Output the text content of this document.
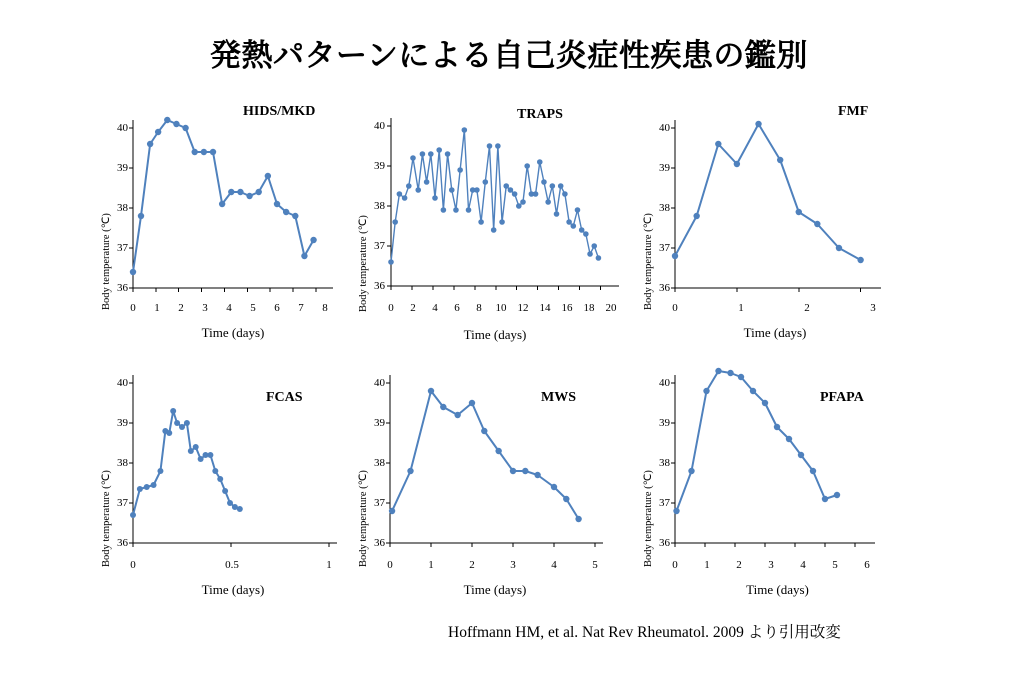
発熱パターンによる自己炎症性疾患の鑑別
HIDS/MKD
Body temperature (℃)
Time (days)
36
37
38
39
40
0	1	2	3	4	5	6	7	8
TRAPS
Body temperature (℃)
Time (days)
36
37
38
39
40
0	2	4	6	8	10	12	14	16	18	20
FMF
Body temperature (℃)
Time (days)
36
37
38
39
40
0	1	2	3
FCAS
Body temperature (℃)
Time (days)
36
37
38
39
40
0	0.5	1
MWS
Body temperature (℃)
Time (days)
36
37
38
39
40
0	1	2	3	4	5
PFAPA
Body temperature (℃)
Time (days)
36
37
38
39
40
0	1	2	3	4	5	6
Hoffmann HM, et al. Nat Rev Rheumatol. 2009 より引用改変
